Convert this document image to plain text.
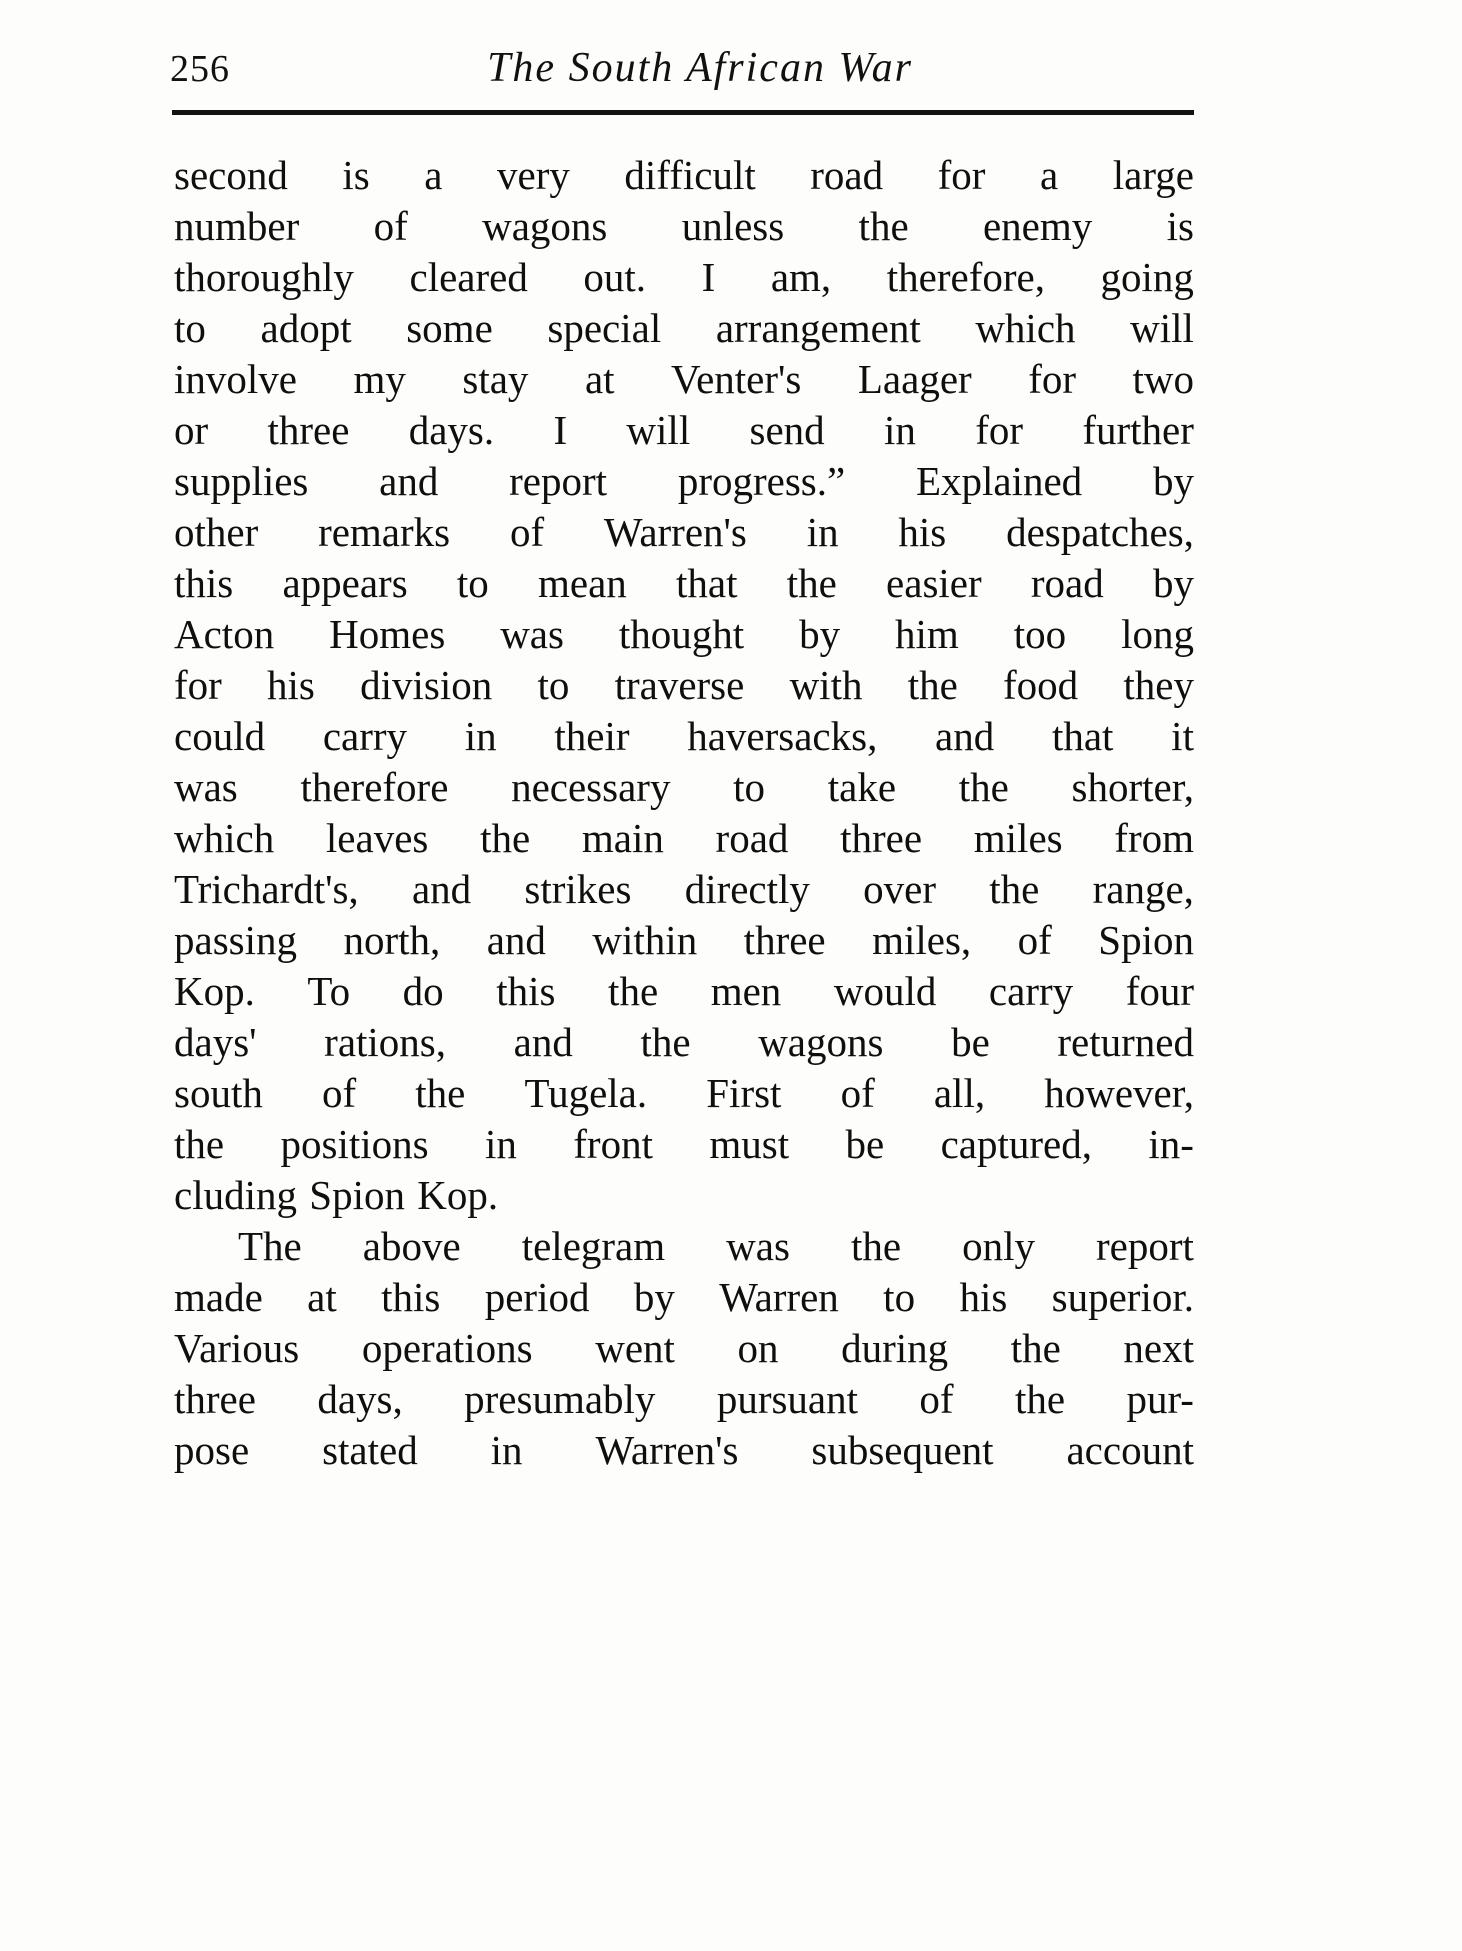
256	The South African War
second is a very difficult road for a large
number of wagons unless the enemy is
thoroughly cleared out. I am, therefore, going
to adopt some special arrangement which will
involve my stay at Venter's Laager for two
or three days. I will send in for further
supplies and report progress.” Explained by
other remarks of Warren's in his despatches,
this appears to mean that the easier road by
Acton Homes was thought by him too long
for his division to traverse with the food they
could carry in their haversacks, and that it
was therefore necessary to take the shorter,
which leaves the main road three miles from
Trichardt's, and strikes directly over the range,
passing north, and within three miles, of Spion
Kop. To do this the men would carry four
days' rations, and the wagons be returned
south of the Tugela. First of all, however,
the positions in front must be captured, in-
cluding Spion Kop.
The above telegram was the only report
made at this period by Warren to his superior.
Various operations went on during the next
three days, presumably pursuant of the pur-
pose stated in Warren's subsequent account
